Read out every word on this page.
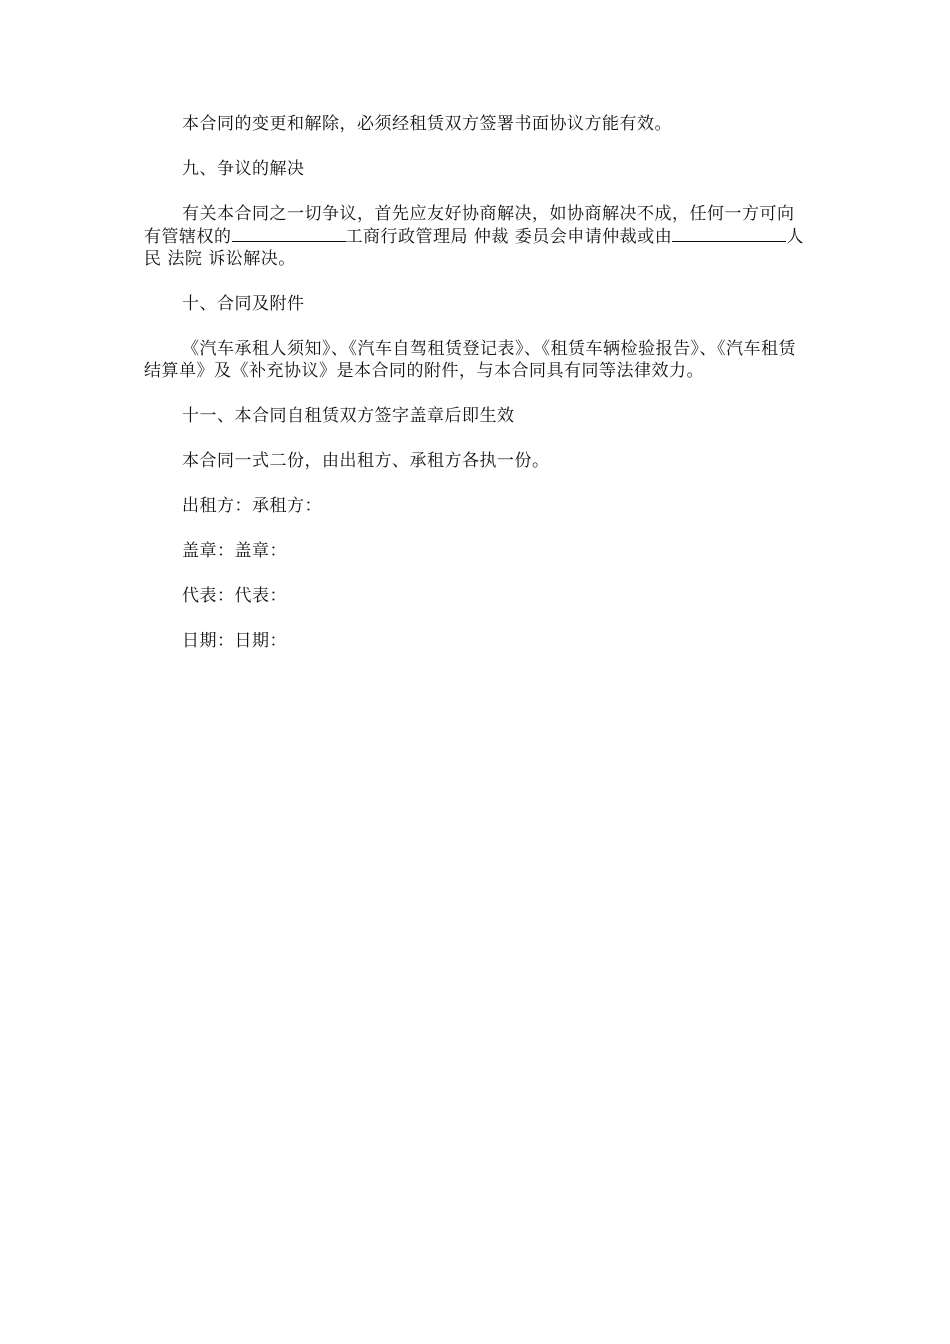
本合同的变更和解除，必须经租赁双方签署书面协议方能有效。

九、争议的解决

有关本合同之一切争议，首先应友好协商解决，如协商解决不成，任何一方可向有管辖权的	工商行政管理局 仲裁 委员会申请仲裁或由	人民 法院 诉讼解决。

十、合同及附件

《汽车承租人须知》、《汽车自驾租赁登记表》、《租赁车辆检验报告》、《汽车租赁结算单》及《补充协议》是本合同的附件，与本合同具有同等法律效力。

十一、本合同自租赁双方签字盖章后即生效

本合同一式二份，由出租方、承租方各执一份。

出租方：承租方：

盖章：盖章：

代表：代表：

日期：日期：
